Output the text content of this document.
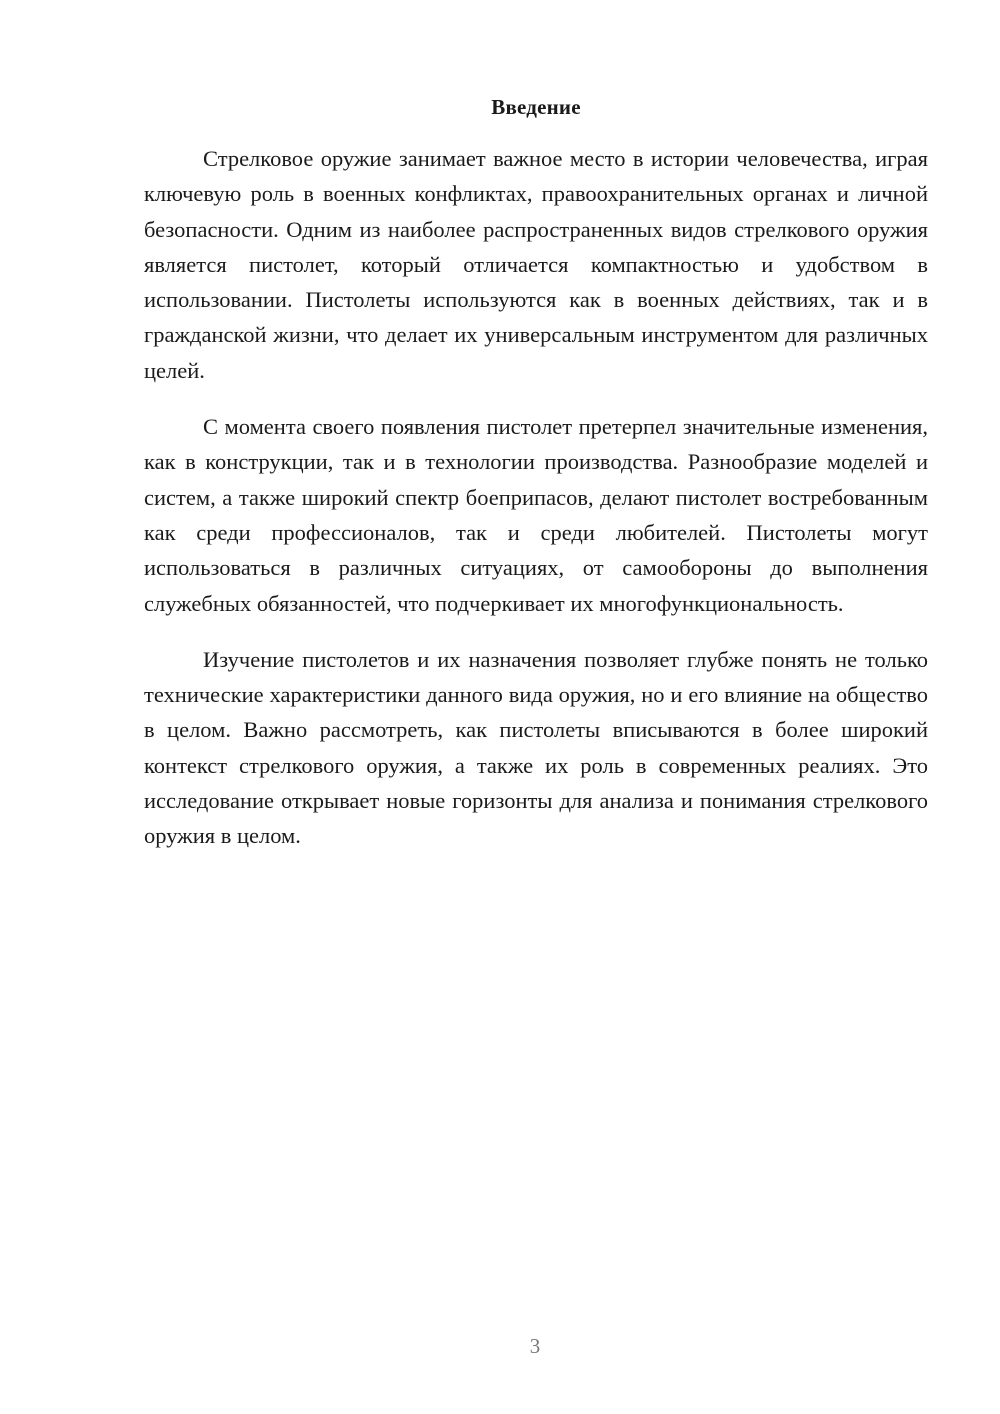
Введение

Стрелковое оружие занимает важное место в истории человечества, играя ключевую роль в военных конфликтах, правоохранительных органах и личной безопасности. Одним из наиболее распространенных видов стрелкового оружия является пистолет, который отличается компактностью и удобством в использовании. Пистолеты используются как в военных действиях, так и в гражданской жизни, что делает их универсальным инструментом для различных целей.

С момента своего появления пистолет претерпел значительные изменения, как в конструкции, так и в технологии производства. Разнообразие моделей и систем, а также широкий спектр боеприпасов, делают пистолет востребованным как среди профессионалов, так и среди любителей. Пистолеты могут использоваться в различных ситуациях, от самообороны до выполнения служебных обязанностей, что подчеркивает их многофункциональность.

Изучение пистолетов и их назначения позволяет глубже понять не только технические характеристики данного вида оружия, но и его влияние на общество в целом. Важно рассмотреть, как пистолеты вписываются в более широкий контекст стрелкового оружия, а также их роль в современных реалиях. Это исследование открывает новые горизонты для анализа и понимания стрелкового оружия в целом.

3
